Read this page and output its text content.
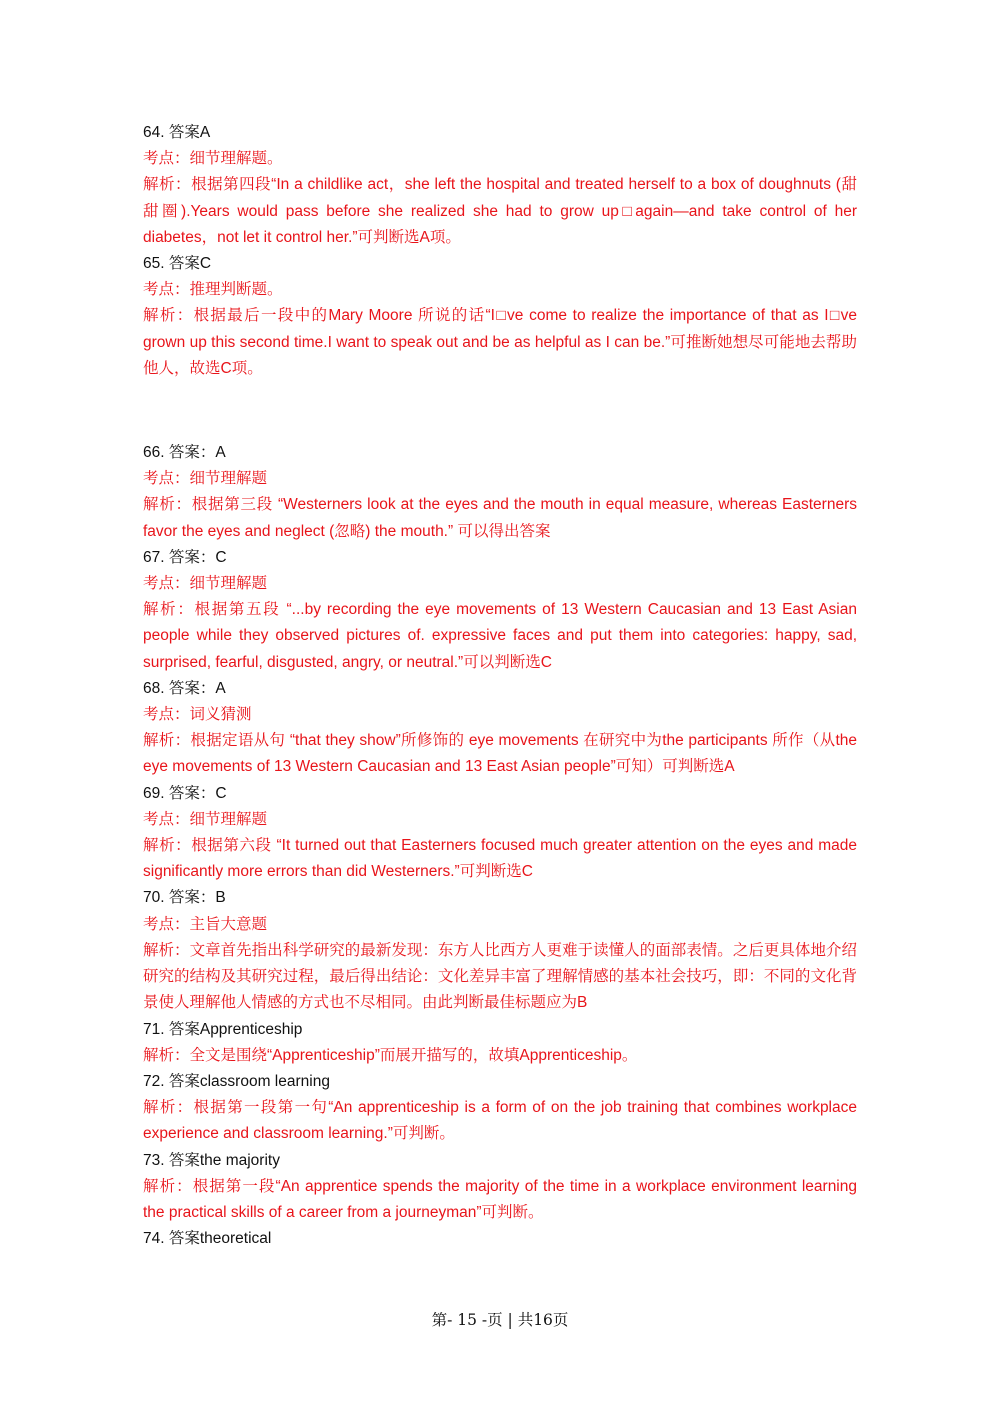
64. 答案A

考点：细节理解题。

解析：根据第四段“In a childlike act，she left the hospital and treated herself to a box of doughnuts (甜甜圈).Years would pass before she realized she had to grow up□again—and take control of her diabetes，not let it control her.”可判断选A项。

65. 答案C

考点：推理判断题。

解析：根据最后一段中的Mary Moore 所说的话“I□ve come to realize the importance of that as I□ve grown up this second time.I want to speak out and be as helpful as I can be.”可推断她想尽可能地去帮助他人，故选C项。

66. 答案：A

考点：细节理解题

解析：根据第三段 “Westerners look at the eyes and the mouth in equal measure, whereas Easterners favor the eyes and neglect (忽略) the mouth.” 可以得出答案

67. 答案：C

考点：细节理解题

解析：根据第五段 “...by recording the eye movements of 13 Western Caucasian and 13 East Asian people while they observed pictures of. expressive faces and put them into categories: happy, sad, surprised, fearful, disgusted, angry, or neutral.”可以判断选C

68. 答案：A

考点：词义猜测

解析：根据定语从句 “that they show”所修饰的 eye movements 在研究中为the participants 所作（从the eye movements of 13 Western Caucasian and 13 East Asian people”可知）可判断选A

69. 答案：C

考点：细节理解题

解析：根据第六段 “It turned out that Easterners focused much greater attention on the eyes and made significantly more errors than did Westerners.”可判断选C

70. 答案：B

考点：主旨大意题

解析：文章首先指出科学研究的最新发现：东方人比西方人更难于读懂人的面部表情。之后更具体地介绍研究的结构及其研究过程，最后得出结论：文化差异丰富了理解情感的基本社会技巧，即：不同的文化背景使人理解他人情感的方式也不尽相同。由此判断最佳标题应为B

71. 答案Apprenticeship

解析：全文是围绕“Apprenticeship”而展开描写的，故填Apprenticeship。

72. 答案classroom learning

解析：根据第一段第一句“An apprenticeship is a form of on the job training that combines workplace experience and classroom learning.”可判断。

73. 答案the majority

解析：根据第一段“An apprentice spends the majority of the time in a workplace environment learning the practical skills of a career from a journeyman”可判断。

74. 答案theoretical

第- 15 -页 | 共16页
